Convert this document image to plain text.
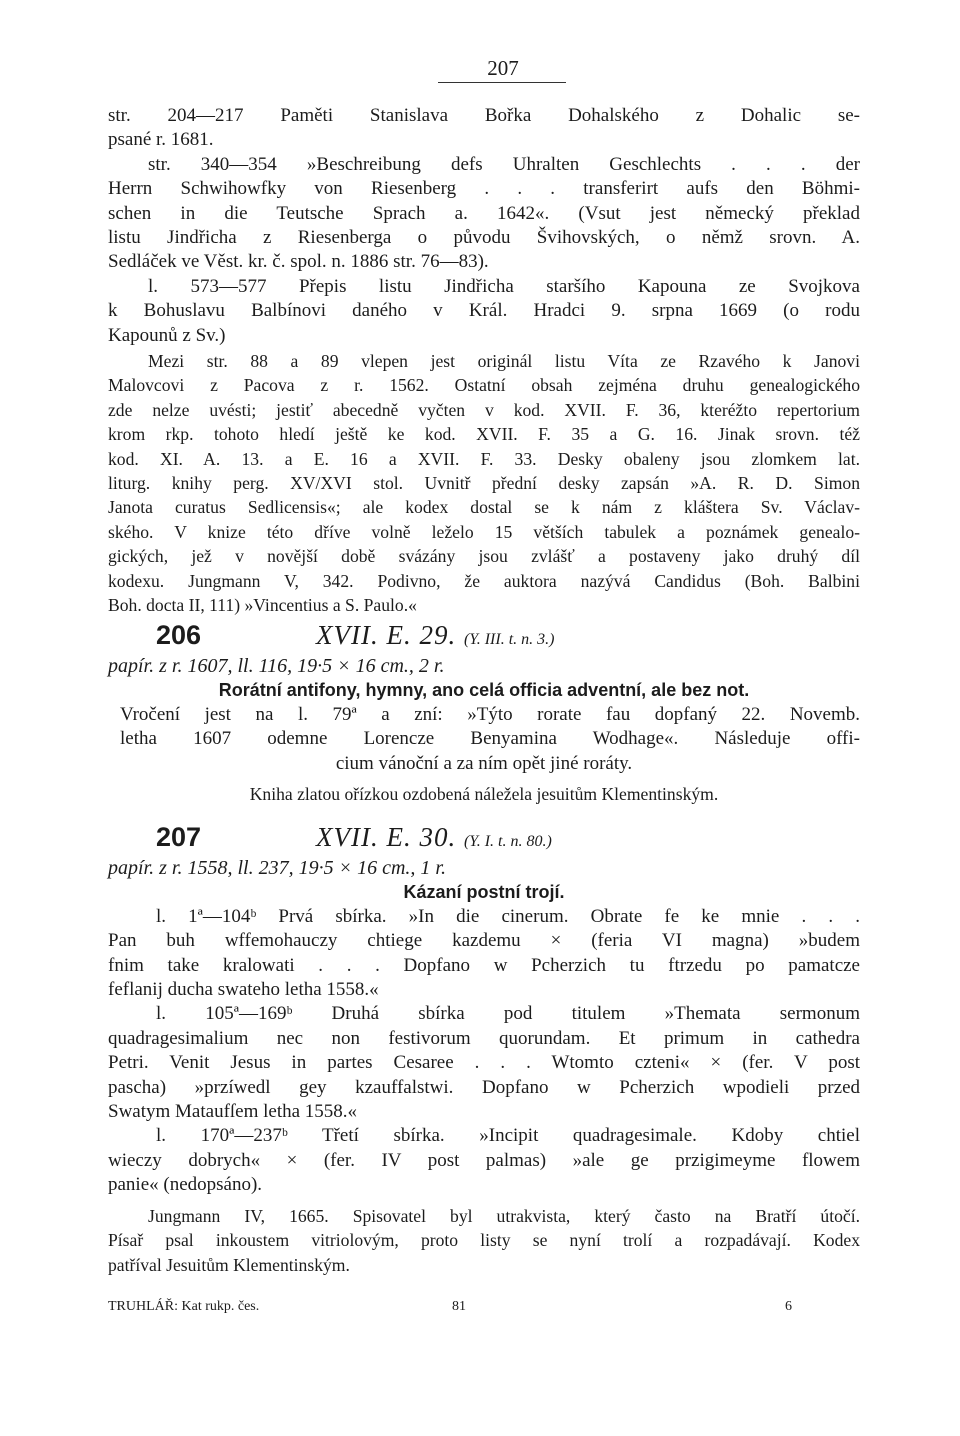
207
str. 204—217 Paměti Stanislava Bořka Dohalského z Dohalic se-
psané r. 1681.
str. 340—354 »Beschreibung defs Uhralten Geschlechts . . . der
Herrn Schwihowfky von Riesenberg . . . transferirt aufs den Böhmi-
schen in die Teutsche Sprach a. 1642«. (Vsut jest německý překlad
listu Jindřicha z Riesenberga o původu Švihovských, o němž srovn. A.
Sedláček ve Věst. kr. č. spol. n. 1886 str. 76—83).
l. 573—577 Přepis listu Jindřicha staršího Kapouna ze Svojkova
k Bohuslavu Balbínovi daného v Král. Hradci 9. srpna 1669 (o rodu
Kapounů z Sv.)
Mezi str. 88 a 89 vlepen jest originál listu Víta ze Rzavého k Janovi
Malovcovi z Pacova z r. 1562. Ostatní obsah zejména druhu genealogického
zde nelze uvésti; jestiť abecedně vyčten v kod. XVII. F. 36, kteréžto repertorium
krom rkp. tohoto hledí ještě ke kod. XVII. F. 35 a G. 16. Jinak srovn. též
kod. XI. A. 13. a E. 16 a XVII. F. 33. Desky obaleny jsou zlomkem lat.
liturg. knihy perg. XV/XVI stol. Uvnitř přední desky zapsán »A. R. D. Simon
Janota curatus Sedlicensis«; ale kodex dostal se k nám z kláštera Sv. Václav-
ského. V knize této dříve volně leželo 15 větších tabulek a poznámek genealo-
gických, jež v novější době svázány jsou zvlášť a postaveny jako druhý díl
kodexu. Jungmann V, 342. Podivno, že auktora nazývá Candidus (Boh. Balbini
Boh. docta II, 111) »Vincentius a S. Paulo.«
206	XVII. E. 29. (Y. III. t. n. 3.)
papír. z r. 1607, ll. 116, 19·5 × 16 cm., 2 r.
Rorátní antifony, hymny, ano celá officia adventní, ale bez not.
Vročení jest na l. 79ª a zní: »Týto rorate fau dopfaný 22. Novemb.
letha 1607 odemne Lorencze Benyamina Wodhage«. Následuje offi-
cium vánoční a za ním opět jiné roráty.
Kniha zlatou ořízkou ozdobená náležela jesuitům Klementinským.
207	XVII. E. 30. (Y. I. t. n. 80.)
papír. z r. 1558, ll. 237, 19·5 × 16 cm., 1 r.
Kázaní postní trojí.
l. 1ª—104ᵇ Prvá sbírka. »In die cinerum. Obrate fe ke mnie . . .
Pan buh wffemohauczy chtiege kazdemu × (feria VI magna) »budem
fnim take kralowati . . . Dopfano w Pcherzich tu ftrzedu po pamatcze
feflanij ducha swateho letha 1558.«
l. 105ª—169ᵇ Druhá sbírka pod titulem »Themata sermonum
quadragesimalium nec non festivorum quorundam. Et primum in cathedra
Petri. Venit Jesus in partes Cesaree . . . Wtomto czteni« × (fer. V post
pascha) »przíwedl gey kzauffalstwi. Dopfano w Pcherzich wpodieli przed
Swatym Mataufſem letha 1558.«
l. 170ª—237ᵇ Třetí sbírka. »Incipit quadragesimale. Kdoby chtiel
wieczy dobrych« × (fer. IV post palmas) »ale ge przigimeyme flowem
panie« (nedopsáno).
Jungmann IV, 1665. Spisovatel byl utrakvista, který často na Bratří útočí.
Písař psal inkoustem vitriolovým, proto listy se nyní trolí a rozpadávají. Kodex
patříval Jesuitům Klementinským.
TRUHLÁŘ: Kat rukp. čes.	81	6
